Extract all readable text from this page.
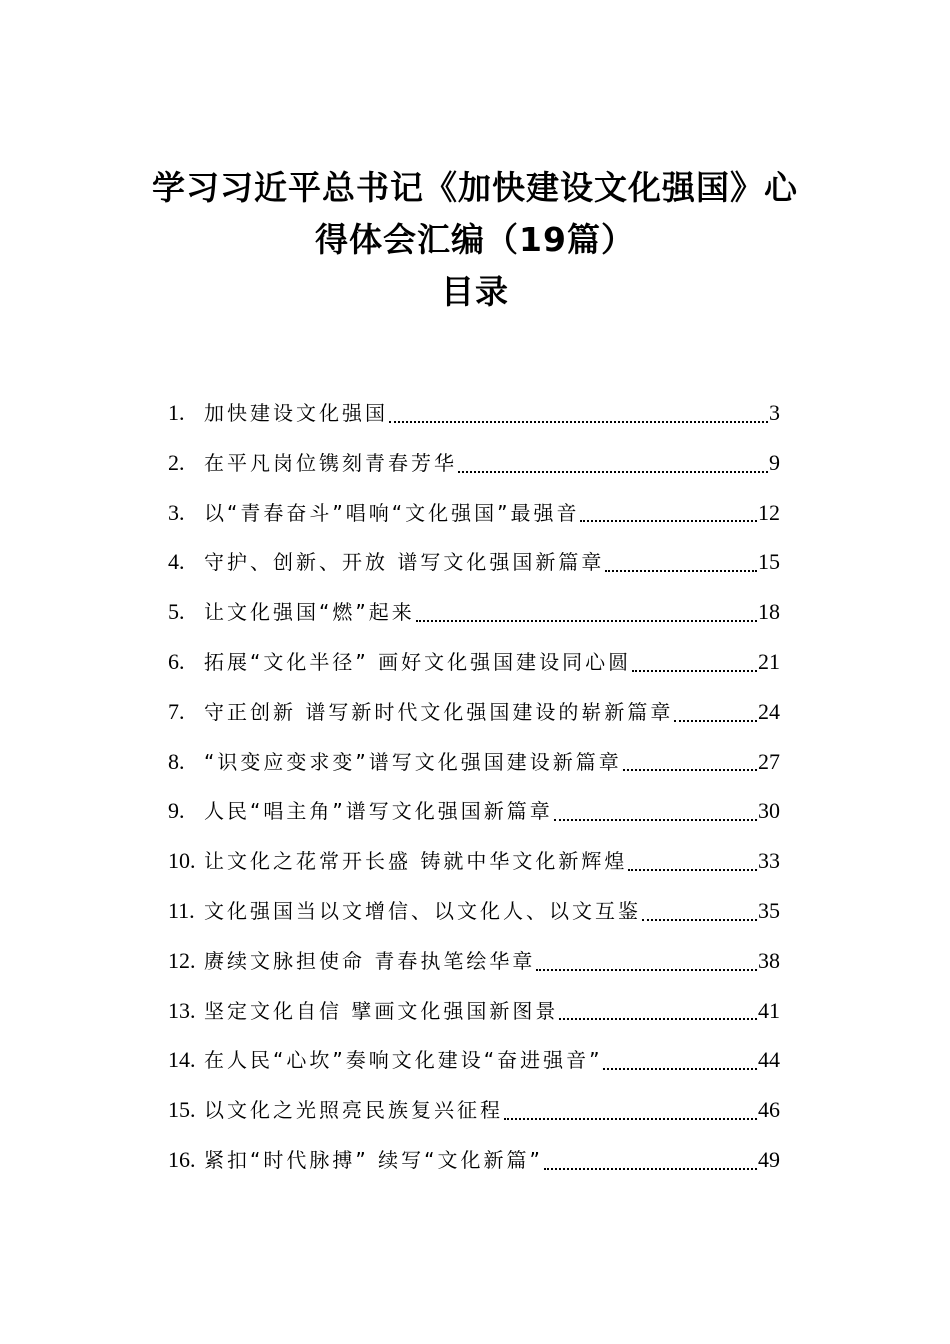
学习习近平总书记《加快建设文化强国》心
得体会汇编（19篇）
目录
1. 加快建设文化强国	3
2. 在平凡岗位镌刻青春芳华	9
3. 以“青春奋斗”唱响“文化强国”最强音	12
4. 守护、创新、开放 谱写文化强国新篇章	15
5. 让文化强国“燃”起来	18
6. 拓展“文化半径” 画好文化强国建设同心圆	21
7. 守正创新 谱写新时代文化强国建设的崭新篇章	24
8. “识变应变求变”谱写文化强国建设新篇章	27
9. 人民“唱主角”谱写文化强国新篇章	30
10. 让文化之花常开长盛 铸就中华文化新辉煌	33
11. 文化强国当以文增信、以文化人、以文互鉴	35
12. 赓续文脉担使命 青春执笔绘华章	38
13. 坚定文化自信 擘画文化强国新图景	41
14. 在人民“心坎”奏响文化建设“奋进强音”	44
15. 以文化之光照亮民族复兴征程	46
16. 紧扣“时代脉搏” 续写“文化新篇”	49
